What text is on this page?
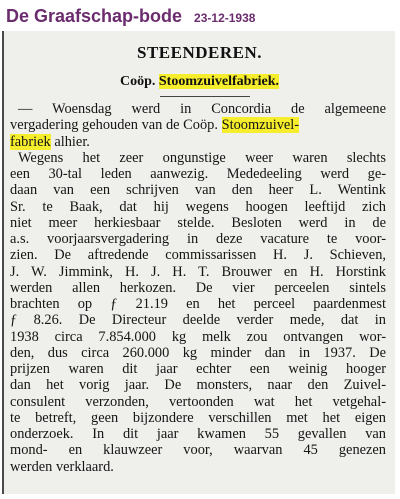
De Graafschap-bode 23-12-1938
STEENDEREN.
Coöp. Stoomzuivelfabriek.
— Woensdag werd in Concordia de algemeene
vergadering gehouden van de Coöp. Stoomzuivel-
fabriek alhier.
Wegens het zeer ongunstige weer waren slechts
een 30-tal leden aanwezig. Mededeeling werd ge-
daan van een schrijven van den heer L. Wentink
Sr. te Baak, dat hij wegens hoogen leeftijd zich
niet meer herkiesbaar stelde. Besloten werd in de
a.s. voorjaarsvergadering in deze vacature te voor-
zien. De aftredende commissarissen H. J. Schieven,
J. W. Jimmink, H. J. H. T. Brouwer en H. Horstink
werden allen herkozen. De vier perceelen sintels
brachten op ƒ 21.19 en het perceel paardenmest
ƒ 8.26. De Directeur deelde verder mede, dat in
1938 circa 7.854.000 kg melk zou ontvangen wor-
den, dus circa 260.000 kg minder dan in 1937. De
prijzen waren dit jaar echter een weinig hooger
dan het vorig jaar. De monsters, naar den Zuivel-
consulent verzonden, vertoonden wat het vetgehal-
te betreft, geen bijzondere verschillen met het eigen
onderzoek. In dit jaar kwamen 55 gevallen van
mond- en klauwzeer voor, waarvan 45 genezen
werden verklaard.
